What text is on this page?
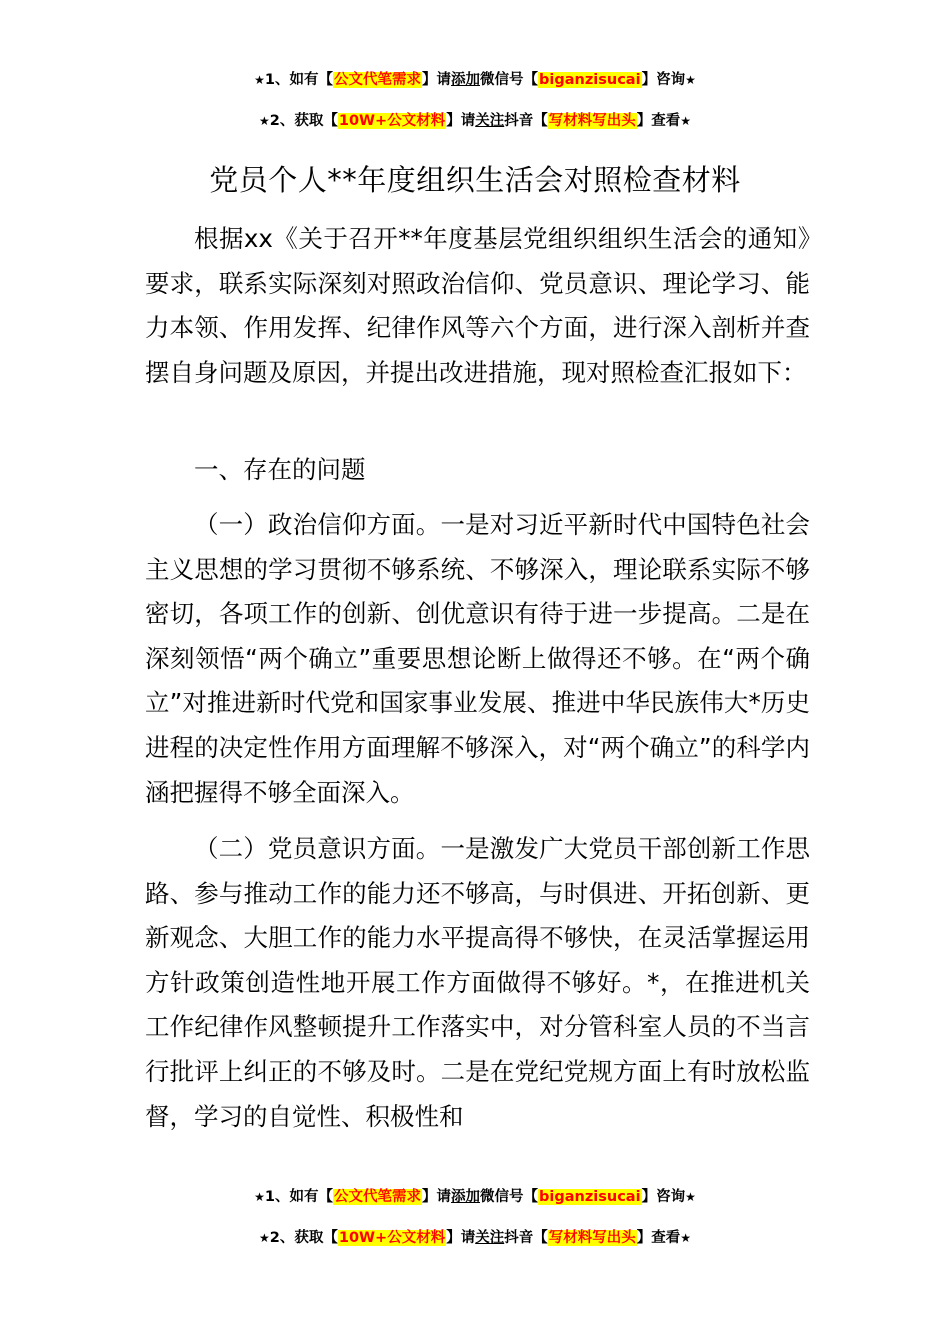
★1、如有【公文代笔需求】请添加微信号【biganzisucai】咨询★
★2、获取【10W+公文材料】请关注抖音【写材料写出头】查看★
党员个人**年度组织生活会对照检查材料

根据xx《关于召开**年度基层党组织组织生活会的通知》要求，联系实际深刻对照政治信仰、党员意识、理论学习、能力本领、作用发挥、纪律作风等六个方面，进行深入剖析并查摆自身问题及原因，并提出改进措施，现对照检查汇报如下：

一、存在的问题

（一）政治信仰方面。一是对习近平新时代中国特色社会主义思想的学习贯彻不够系统、不够深入，理论联系实际不够密切，各项工作的创新、创优意识有待于进一步提高。二是在深刻领悟“两个确立”重要思想论断上做得还不够。在“两个确立”对推进新时代党和国家事业发展、推进中华民族伟大*历史进程的决定性作用方面理解不够深入，对“两个确立”的科学内涵把握得不够全面深入。

（二）党员意识方面。一是激发广大党员干部创新工作思路、参与推动工作的能力还不够高，与时俱进、开拓创新、更新观念、大胆工作的能力水平提高得不够快，在灵活掌握运用方针政策创造性地开展工作方面做得不够好。*，在推进机关工作纪律作风整顿提升工作落实中，对分管科室人员的不当言行批评上纠正的不够及时。二是在党纪党规方面上有时放松监督，学习的自觉性、积极性和

★1、如有【公文代笔需求】请添加微信号【biganzisucai】咨询★
★2、获取【10W+公文材料】请关注抖音【写材料写出头】查看★
